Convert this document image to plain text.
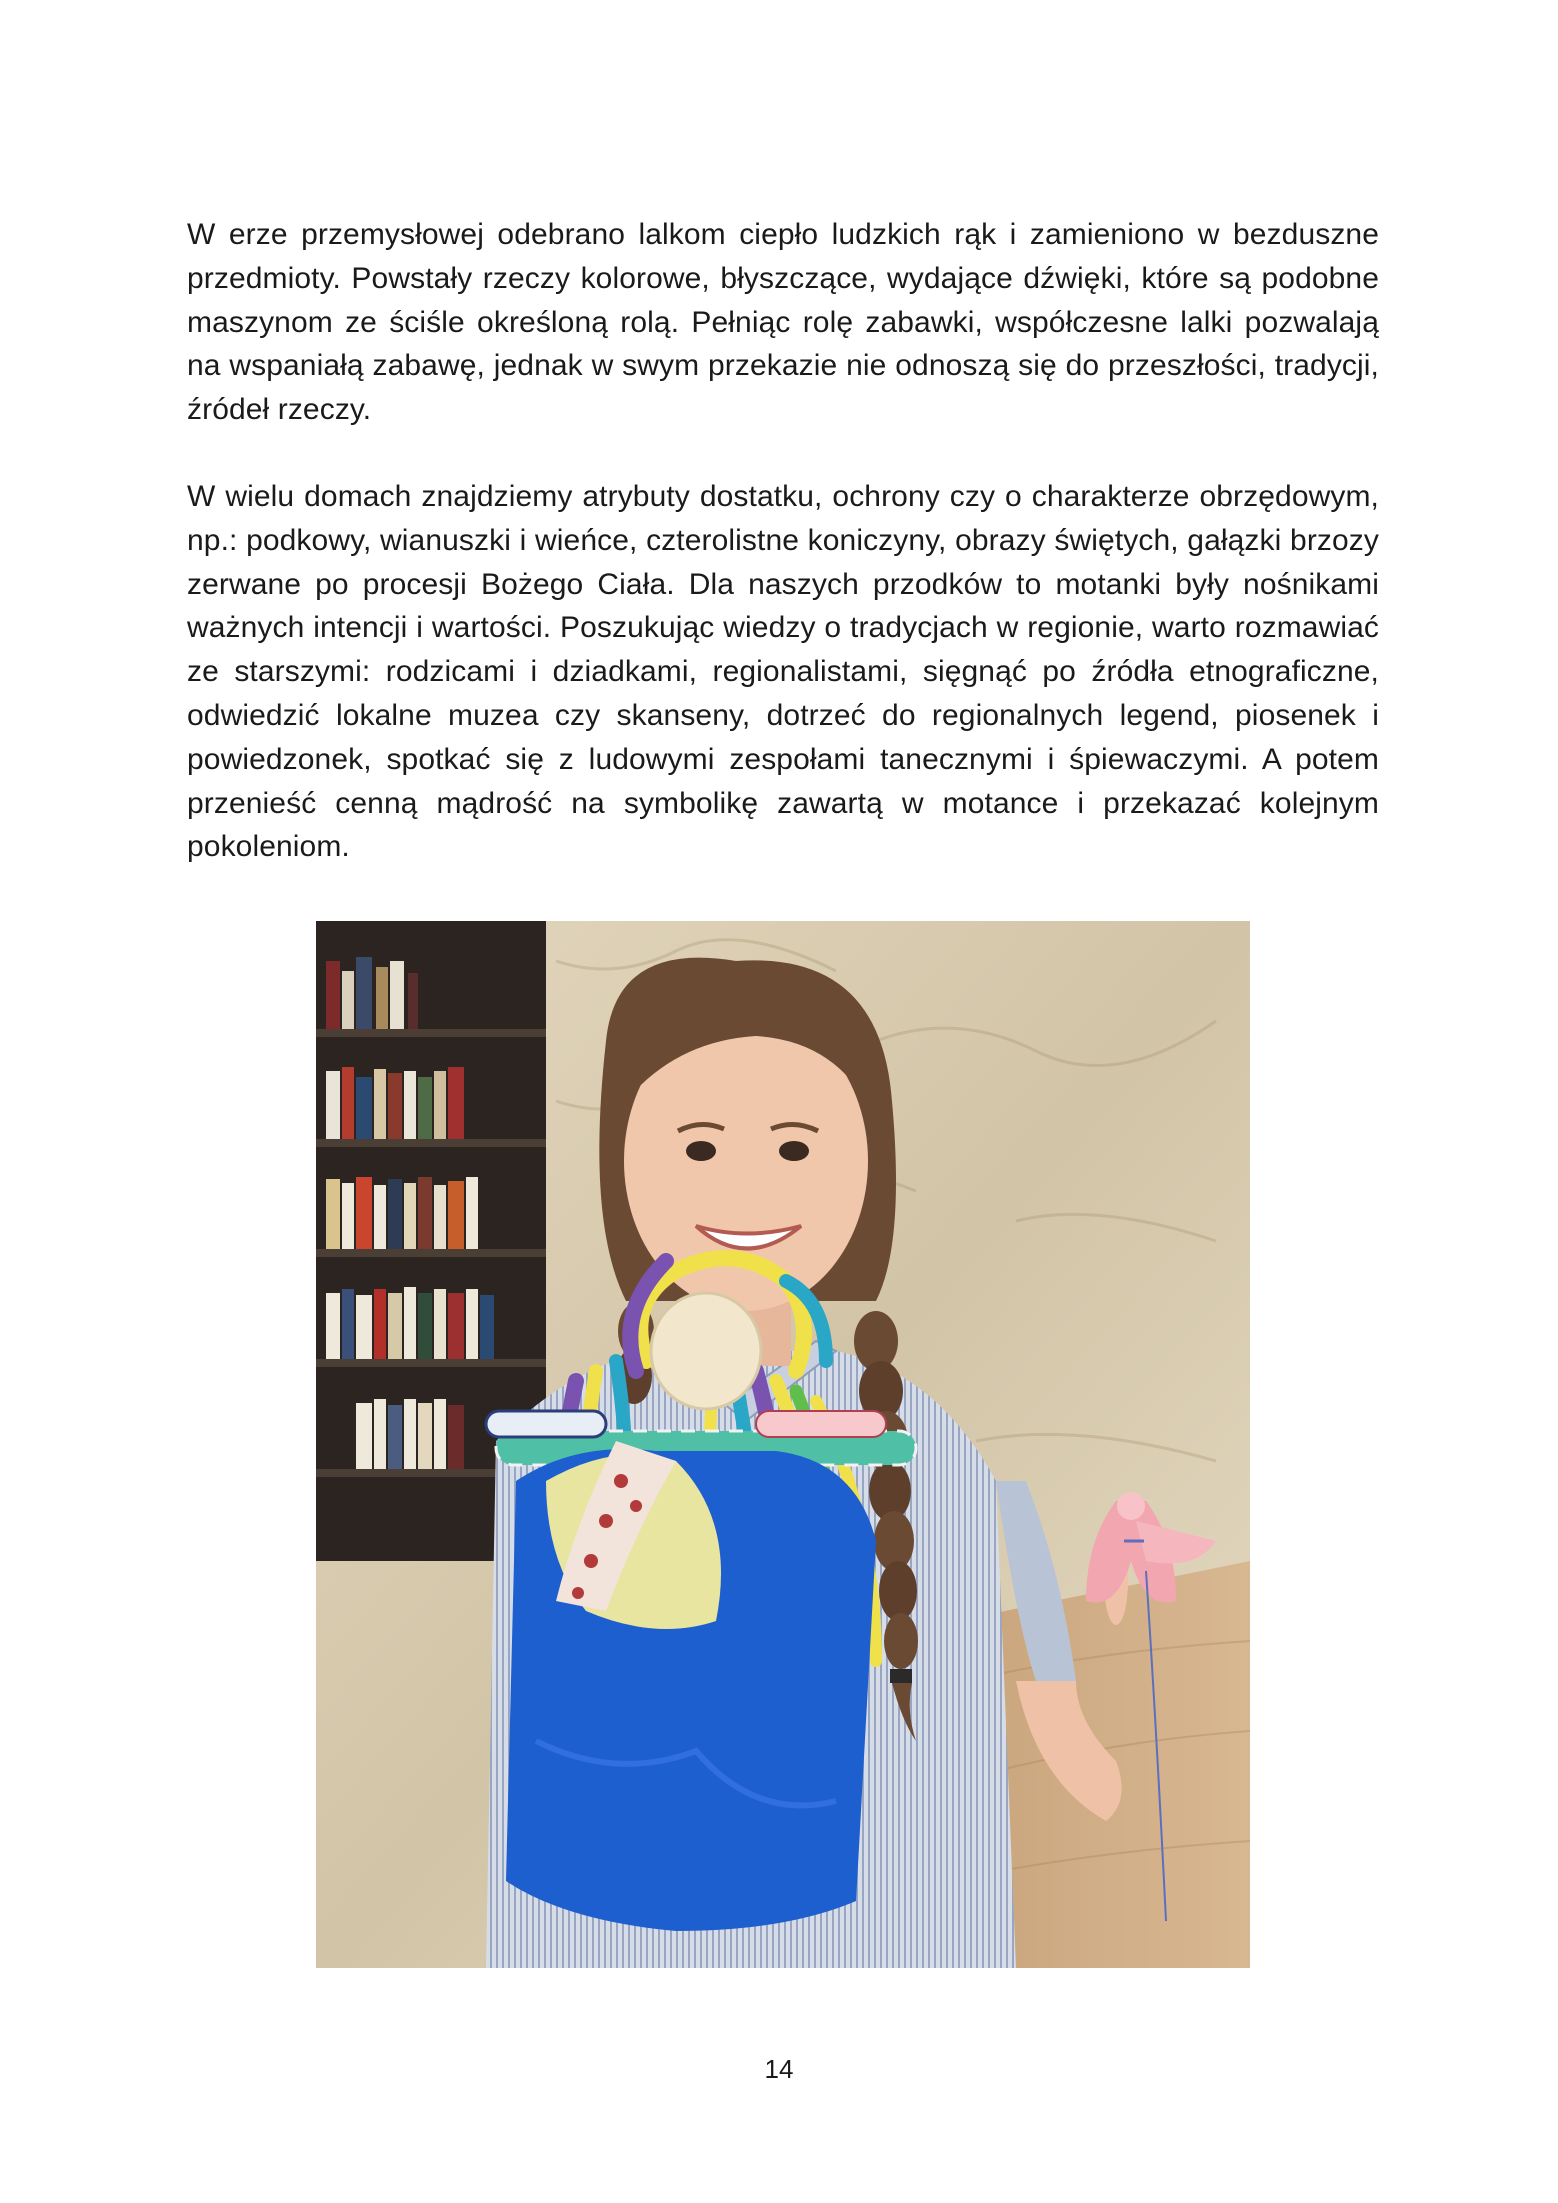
W erze przemysłowej odebrano lalkom ciepło ludzkich rąk i zamieniono w bezduszne przedmioty. Powstały rzeczy kolorowe, błyszczące, wydające dźwięki, które są podobne maszynom ze ściśle określoną rolą. Pełniąc rolę zabawki, współczesne lalki pozwalają na wspaniałą zabawę, jednak w swym przekazie nie odnoszą się do przeszłości, tradycji, źródeł rzeczy.

W wielu domach znajdziemy atrybuty dostatku, ochrony czy o charakterze obrzędowym, np.: podkowy, wianuszki i wieńce, czterolistne koniczyny, obrazy świętych, gałązki brzozy zerwane po procesji Bożego Ciała. Dla naszych przodków to motanki były nośnikami ważnych intencji i wartości. Poszukując wiedzy o tradycjach w regionie, warto rozmawiać ze starszymi: rodzicami i dziadkami, regionalistami, sięgnąć po źródła etnograficzne, odwiedzić lokalne muzea czy skanseny, dotrzeć do regionalnych legend, piosenek i powiedzonek, spotkać się z ludowymi zespołami tanecznymi i śpiewaczymi. A potem przenieść cenną mądrość na symbolikę zawartą w motance i przekazać kolejnym pokoleniom.

14
